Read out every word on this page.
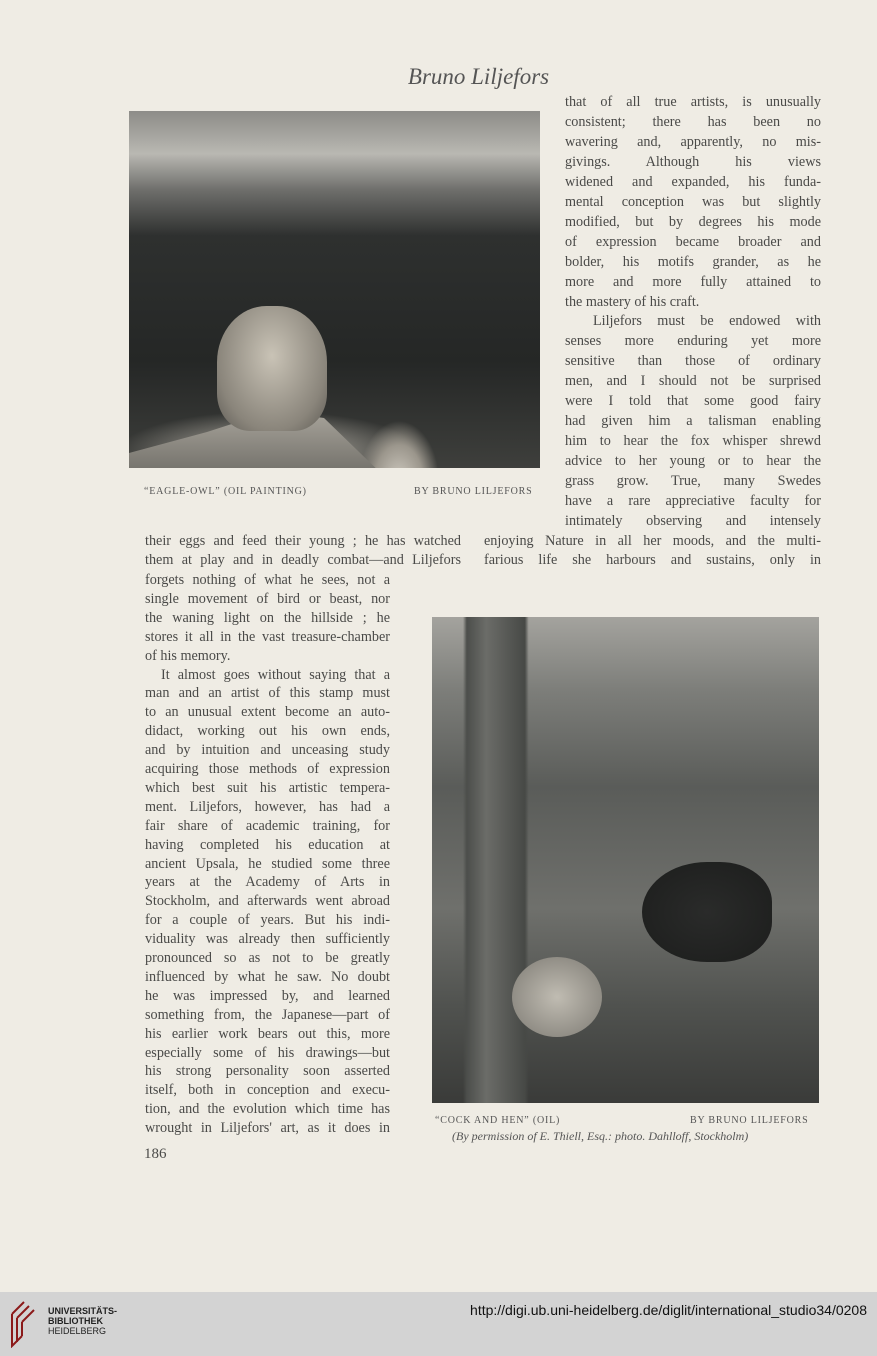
Bruno Liljefors
“EAGLE-OWL” (OIL PAINTING)	BY BRUNO LILJEFORS
that of all true artists, is unusually
consistent; there has been no
wavering and, apparently, no mis-
givings. Although his views
widened and expanded, his funda-
mental conception was but slightly
modified, but by degrees his mode
of expression became broader and
bolder, his motifs grander, as he
more and more fully attained to
the mastery of his craft.
Liljefors must be endowed with
senses more enduring yet more
sensitive than those of ordinary
men, and I should not be surprised
were I told that some good fairy
had given him a talisman enabling
him to hear the fox whisper shrewd
advice to her young or to hear the
grass grow. True, many Swedes
have a rare appreciative faculty for
intimately observing and intensely
their eggs and feed their young ; he has watched enjoying Nature in all her moods, and the multi-
them at play and in deadly combat—and Liljefors farious life she harbours and sustains, only in
forgets nothing of what he sees, not a
single movement of bird or beast, nor
the waning light on the hillside ; he
stores it all in the vast treasure-chamber
of his memory.
It almost goes without saying that a
man and an artist of this stamp must
to an unusual extent become an auto-
didact, working out his own ends,
and by intuition and unceasing study
acquiring those methods of expression
which best suit his artistic tempera-
ment. Liljefors, however, has had a
fair share of academic training, for
having completed his education at
ancient Upsala, he studied some three
years at the Academy of Arts in
Stockholm, and afterwards went abroad
for a couple of years. But his indi-
viduality was already then sufficiently
pronounced so as not to be greatly
influenced by what he saw. No doubt
he was impressed by, and learned
something from, the Japanese—part of
his earlier work bears out this, more
especially some of his drawings—but
his strong personality soon asserted
itself, both in conception and execu-
tion, and the evolution which time has
wrought in Liljefors' art, as it does in	“COCK AND HEN” (OIL)	BY BRUNO LILJEFORS
(By permission of E. Thiell, Esq.: photo. Dahlloff, Stockholm)
186
UNIVERSITÄTS-
BIBLIOTHEK
HEIDELBERG
http://digi.ub.uni-heidelberg.de/diglit/international_studio34/0208
